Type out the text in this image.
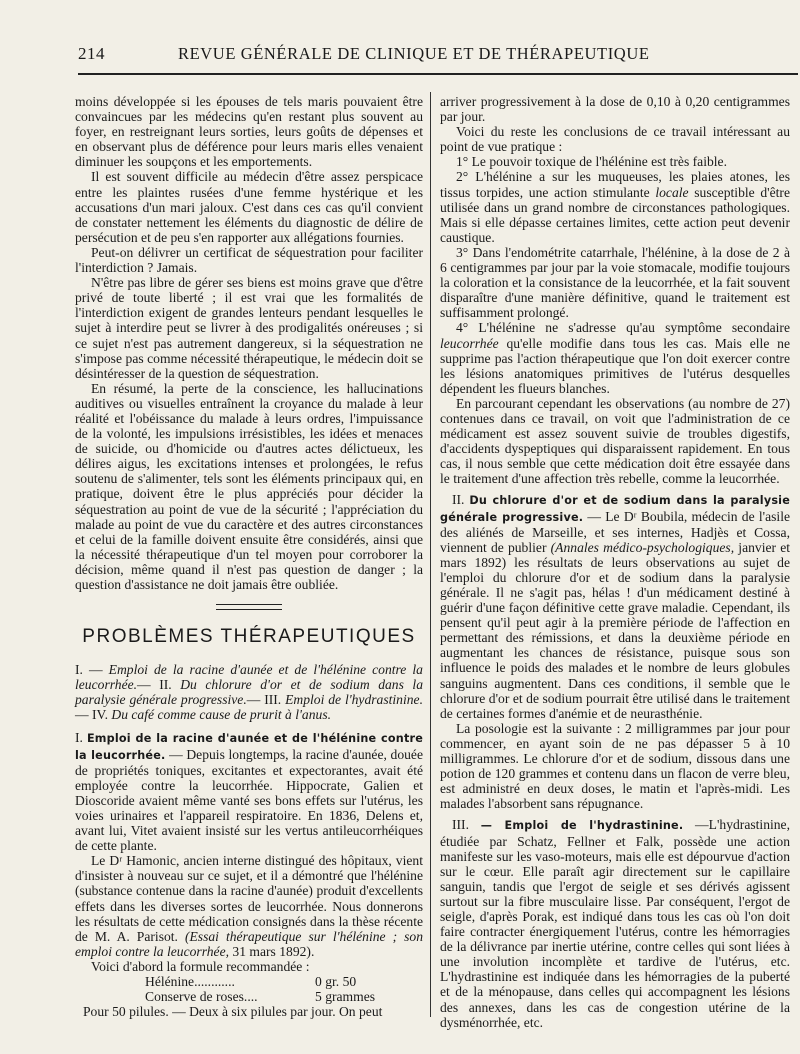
214	REVUE GÉNÉRALE DE CLINIQUE ET DE THÉRAPEUTIQUE

moins développée si les épouses de tels maris pouvaient être convaincues par les médecins qu'en restant plus souvent au foyer, en restreignant leurs sorties, leurs goûts de dépenses et en observant plus de déférence pour leurs maris elles venaient diminuer les soupçons et les emportements.

Il est souvent difficile au médecin d'être assez perspicace entre les plaintes rusées d'une femme hystérique et les accusations d'un mari jaloux. C'est dans ces cas qu'il convient de constater nettement les éléments du diagnostic de délire de persécution et de peu s'en rapporter aux allégations fournies.

Peut-on délivrer un certificat de séquestration pour faciliter l'interdiction ? Jamais.

N'être pas libre de gérer ses biens est moins grave que d'être privé de toute liberté ; il est vrai que les formalités de l'interdiction exigent de grandes lenteurs pendant lesquelles le sujet à interdire peut se livrer à des prodigalités onéreuses ; si ce sujet n'est pas autrement dangereux, si la séquestration ne s'impose pas comme nécessité thérapeutique, le médecin doit se désintéresser de la question de séquestration.

En résumé, la perte de la conscience, les hallucinations auditives ou visuelles entraînent la croyance du malade à leur réalité et l'obéissance du malade à leurs ordres, l'impuissance de la volonté, les impulsions irrésistibles, les idées et menaces de suicide, ou d'homicide ou d'autres actes délictueux, les délires aigus, les excitations intenses et prolongées, le refus soutenu de s'alimenter, tels sont les éléments principaux qui, en pratique, doivent être le plus appréciés pour décider la séquestration au point de vue de la sécurité ; l'appréciation du malade au point de vue du caractère et des autres circonstances et celui de la famille doivent ensuite être considérés, ainsi que la nécessité thérapeutique d'un tel moyen pour corroborer la décision, même quand il n'est pas question de danger ; la question d'assistance ne doit jamais être oubliée.

PROBLÈMES THÉRAPEUTIQUES

I. — Emploi de la racine d'aunée et de l'hélénine contre la leucorrhée.— II. Du chlorure d'or et de sodium dans la paralysie générale progressive.— III. Emploi de l'hydrastinine.— IV. Du café comme cause de prurit à l'anus.

I. Emploi de la racine d'aunée et de l'hélénine contre la leucorrhée. — Depuis longtemps, la racine d'aunée, douée de propriétés toniques, excitantes et expectorantes, avait été employée contre la leucorrhée. Hippocrate, Galien et Dioscoride avaient même vanté ses bons effets sur l'utérus, les voies urinaires et l'appareil respiratoire. En 1836, Delens et, avant lui, Vitet avaient insisté sur les vertus antileucorrhéiques de cette plante.

Le Dʳ Hamonic, ancien interne distingué des hôpitaux, vient d'insister à nouveau sur ce sujet, et il a démontré que l'hélénine (substance contenue dans la racine d'aunée) produit d'excellents effets dans les diverses sortes de leucorrhée. Nous donnerons les résultats de cette médication consignés dans la thèse récente de M. A. Parisot. (Essai thérapeutique sur l'hélénine ; son emploi contre la leucorrhée, 31 mars 1892).

Voici d'abord la formule recommandée :

Hélénine............	0 gr. 50
Conserve de roses....	5 grammes

Pour 50 pilules. — Deux à six pilules par jour. On peut

arriver progressivement à la dose de 0,10 à 0,20 centigrammes par jour.

Voici du reste les conclusions de ce travail intéressant au point de vue pratique :

1° Le pouvoir toxique de l'hélénine est très faible.

2° L'hélénine a sur les muqueuses, les plaies atones, les tissus torpides, une action stimulante locale susceptible d'être utilisée dans un grand nombre de circonstances pathologiques. Mais si elle dépasse certaines limites, cette action peut devenir caustique.

3° Dans l'endométrite catarrhale, l'hélénine, à la dose de 2 à 6 centigrammes par jour par la voie stomacale, modifie toujours la coloration et la consistance de la leucorrhée, et la fait souvent disparaître d'une manière définitive, quand le traitement est suffisamment prolongé.

4° L'hélénine ne s'adresse qu'au symptôme secondaire leucorrhée qu'elle modifie dans tous les cas. Mais elle ne supprime pas l'action thérapeutique que l'on doit exercer contre les lésions anatomiques primitives de l'utérus desquelles dépendent les flueurs blanches.

En parcourant cependant les observations (au nombre de 27) contenues dans ce travail, on voit que l'administration de ce médicament est assez souvent suivie de troubles digestifs, d'accidents dyspeptiques qui disparaissent rapidement. En tous cas, il nous semble que cette médication doit être essayée dans le traitement d'une affection très rebelle, comme la leucorrhée.

II. Du chlorure d'or et de sodium dans la paralysie générale progressive. — Le Dʳ Boubila, médecin de l'asile des aliénés de Marseille, et ses internes, Hadjès et Cossa, viennent de publier (Annales médico-psychologiques, janvier et mars 1892) les résultats de leurs observations au sujet de l'emploi du chlorure d'or et de sodium dans la paralysie générale. Il ne s'agit pas, hélas ! d'un médicament destiné à guérir d'une façon définitive cette grave maladie. Cependant, ils pensent qu'il peut agir à la première période de l'affection en permettant des rémissions, et dans la deuxième période en augmentant les chances de résistance, puisque sous son influence le poids des malades et le nombre de leurs globules sanguins augmentent. Dans ces conditions, il semble que le chlorure d'or et de sodium pourrait être utilisé dans le traitement de certaines formes d'anémie et de neurasthénie.

La posologie est la suivante : 2 milligrammes par jour pour commencer, en ayant soin de ne pas dépasser 5 à 10 milligrammes. Le chlorure d'or et de sodium, dissous dans une potion de 120 grammes et contenu dans un flacon de verre bleu, est administré en deux doses, le matin et l'après-midi. Les malades l'absorbent sans répugnance.

III. — Emploi de l'hydrastinine. —L'hydrastinine, étudiée par Schatz, Fellner et Falk, possède une action manifeste sur les vaso-moteurs, mais elle est dépourvue d'action sur le cœur. Elle paraît agir directement sur le capillaire sanguin, tandis que l'ergot de seigle et ses dérivés agissent surtout sur la fibre musculaire lisse. Par conséquent, l'ergot de seigle, d'après Porak, est indiqué dans tous les cas où l'on doit faire contracter énergiquement l'utérus, contre les hémorragies de la délivrance par inertie utérine, contre celles qui sont liées à une involution incomplète et tardive de l'utérus, etc. L'hydrastinine est indiquée dans les hémorragies de la puberté et de la ménopause, dans celles qui accompagnent les lésions des annexes, dans les cas de congestion utérine de la dysménorrhée, etc.
